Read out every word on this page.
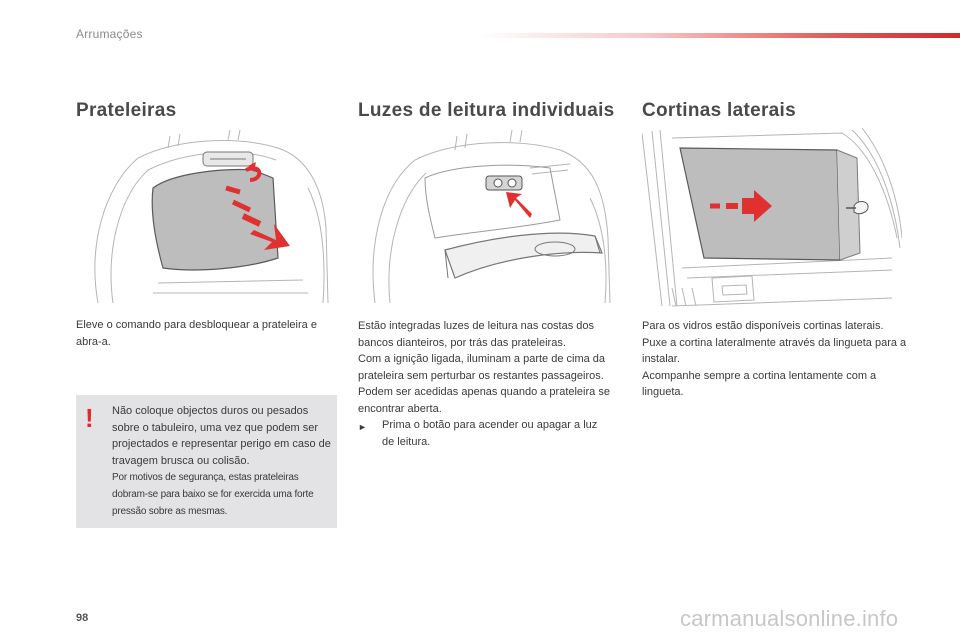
Arrumações
Prateleiras

Eleve o comando para desbloquear a prateleira e abra-a.

! Não coloque objectos duros ou pesados sobre o tabuleiro, uma vez que podem ser projectados e representar perigo em caso de travagem brusca ou colisão.

Por motivos de segurança, estas prateleiras dobram-se para baixo se for exercida uma forte pressão sobre as mesmas.

Luzes de leitura individuais

Estão integradas luzes de leitura nas costas dos bancos dianteiros, por trás das prateleiras.

Com a ignição ligada, iluminam a parte de cima da prateleira sem perturbar os restantes passageiros.

Podem ser acedidas apenas quando a prateleira se encontrar aberta.

►	Prima o botão para acender ou apagar a luz de leitura.
Cortinas laterais

Para os vidros estão disponíveis cortinas laterais.

Puxe a cortina lateralmente através da lingueta para a instalar.

Acompanhe sempre a cortina lentamente com a lingueta.

98	carmanualsonline.info
